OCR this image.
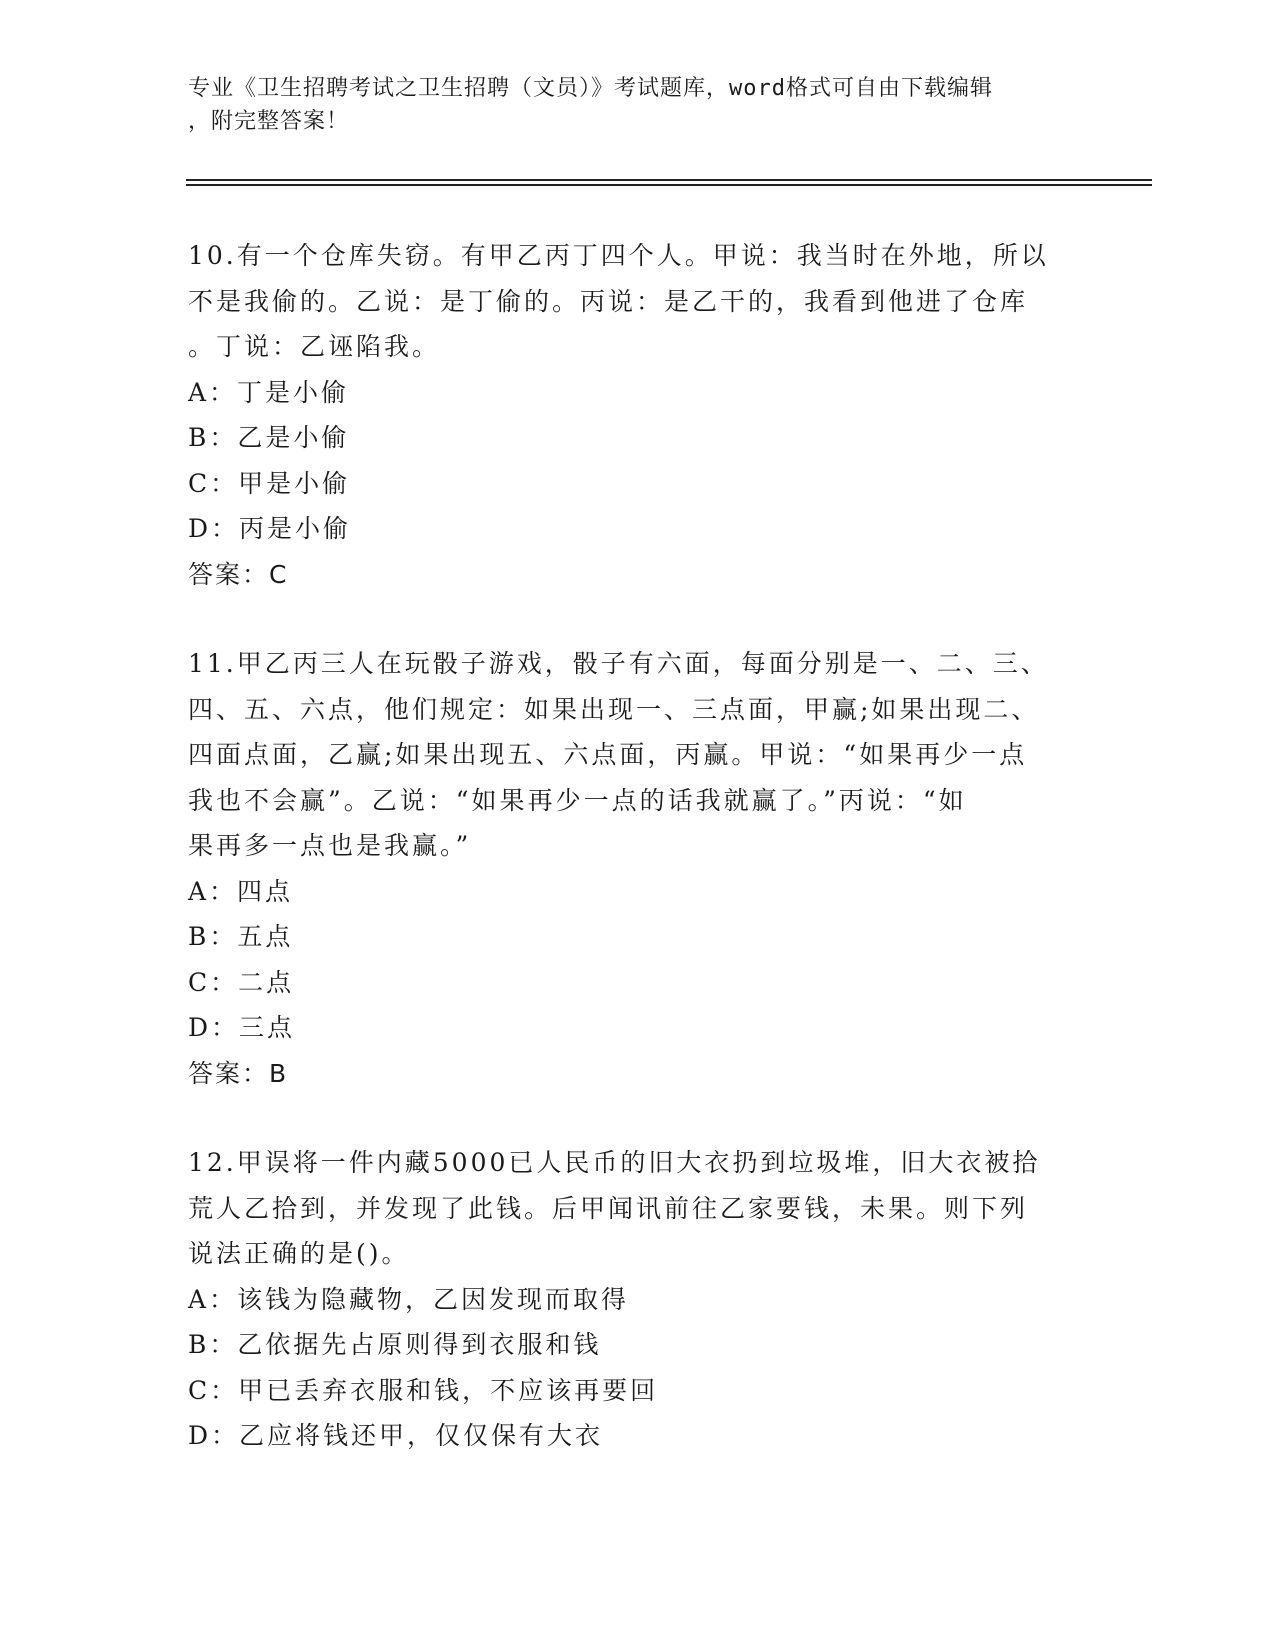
专业《卫生招聘考试之卫生招聘（文员）》考试题库，word格式可自由下载编辑
，附完整答案！
10.有一个仓库失窃。有甲乙丙丁四个人。甲说：我当时在外地，所以
不是我偷的。乙说：是丁偷的。丙说：是乙干的，我看到他进了仓库
。丁说：乙诬陷我。
A：丁是小偷
B：乙是小偷
C：甲是小偷
D：丙是小偷
答案：C
11.甲乙丙三人在玩骰子游戏，骰子有六面，每面分别是一、二、三、
四、五、六点，他们规定：如果出现一、三点面，甲赢;如果出现二、
四面点面，乙赢;如果出现五、六点面，丙赢。甲说：“如果再少一点
我也不会赢”。乙说：“如果再少一点的话我就赢了。”丙说：“如
果再多一点也是我赢。”
A：四点
B：五点
C：二点
D：三点
答案：B
12.甲误将一件内藏5000已人民币的旧大衣扔到垃圾堆，旧大衣被拾
荒人乙拾到，并发现了此钱。后甲闻讯前往乙家要钱，未果。则下列
说法正确的是()。
A：该钱为隐藏物，乙因发现而取得
B：乙依据先占原则得到衣服和钱
C：甲已丢弃衣服和钱，不应该再要回
D：乙应将钱还甲，仅仅保有大衣
